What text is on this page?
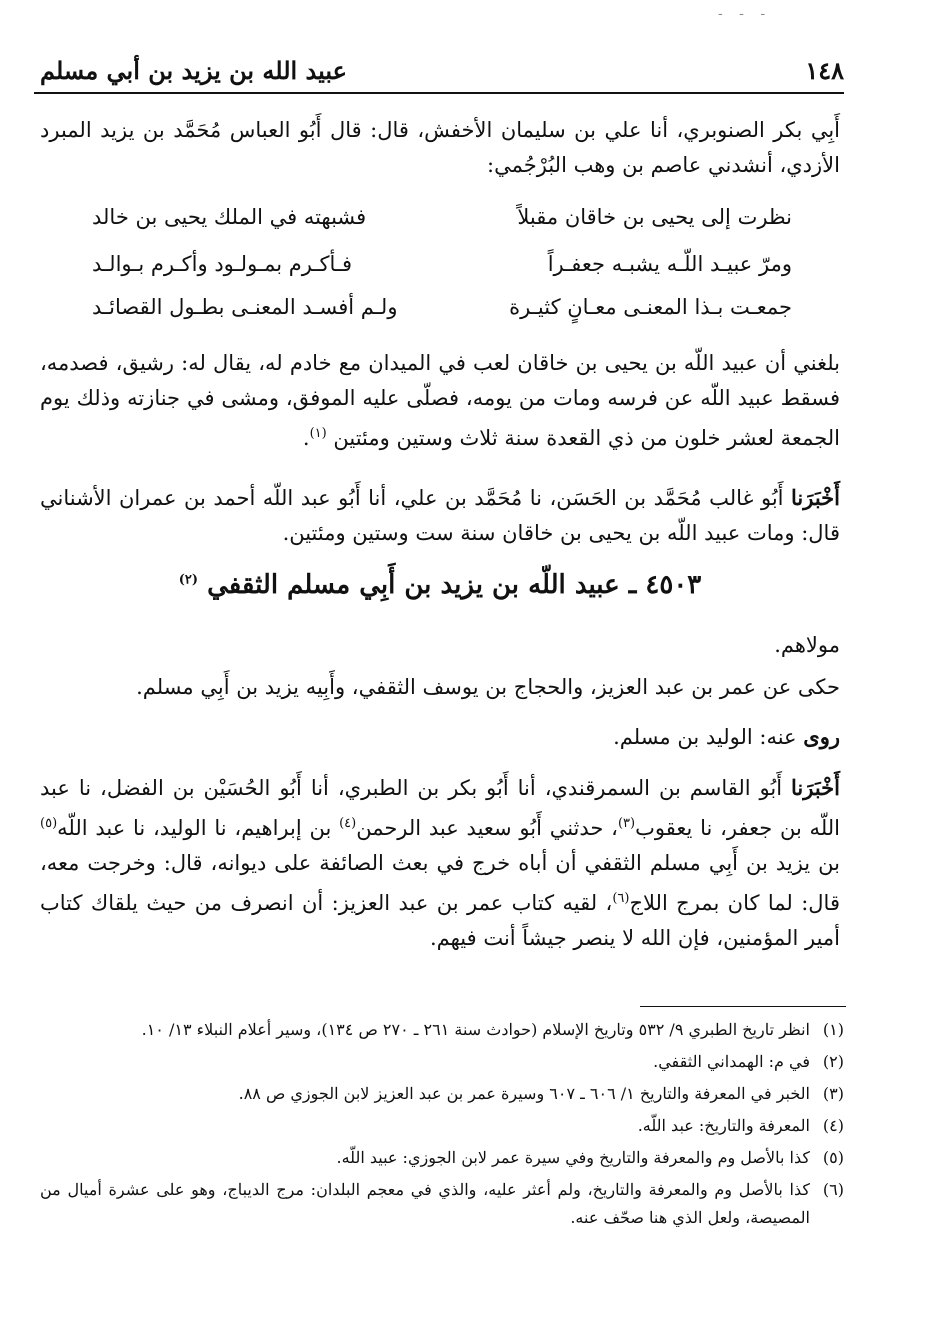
- - -
١٤٨
عبيد الله بن يزيد بن أبي مسلم

أَبِي بكر الصنوبري، أنا علي بن سليمان الأخفش، قال: قال أَبُو العباس مُحَمَّد بن يزيد المبرد الأزدي، أنشدني عاصم بن وهب البُرْجُمي:

نظرت إلى يحيى بن خاقان مقبلاً
فشبهته في الملك يحيى بن خالد
ومرّ عبيـد اللّـه يشبـه جعفـراً
فـأكـرم بمـولـود وأكـرم بـوالـد
جمعـت بـذا المعنـى معـانٍ كثيـرة
ولـم أفسـد المعنـى بطـول القصائـد

بلغني أن عبيد اللّه بن يحيى بن خاقان لعب في الميدان مع خادم له، يقال له: رشيق، فصدمه، فسقط عبيد اللّه عن فرسه ومات من يومه، فصلّى عليه الموفق، ومشى في جنازته وذلك يوم الجمعة لعشر خلون من ذي القعدة سنة ثلاث وستين ومئتين $^{(١)}$.

أَخْبَرَنا أَبُو غالب مُحَمَّد بن الحَسَن، نا مُحَمَّد بن علي، أنا أَبُو عبد اللّه أحمد بن عمران الأشناني قال: ومات عبيد اللّه بن يحيى بن خاقان سنة ست وستين ومئتين.

٤٥٠٣ ـ عبيد اللّه بن يزيد بن أَبِي مسلم الثقفي $^{(٢)}$

مولاهم.

حكى عن عمر بن عبد العزيز، والحجاج بن يوسف الثقفي، وأَبِيه يزيد بن أَبِي مسلم.

روى عنه: الوليد بن مسلم.

أَخْبَرَنا أَبُو القاسم بن السمرقندي، أنا أَبُو بكر بن الطبري، أنا أَبُو الحُسَيْن بن الفضل، نا عبد اللّه بن جعفر، نا يعقوب$^{(٣)}$، حدثني أَبُو سعيد عبد الرحمن$^{(٤)}$ بن إبراهيم، نا الوليد، نا عبد اللّه$^{(٥)}$ بن يزيد بن أَبِي مسلم الثقفي أن أباه خرج في بعث الصائفة على ديوانه، قال: وخرجت معه، قال: لما كان بمرج اللاج$^{(٦)}$، لقيه كتاب عمر بن عبد العزيز: أن انصرف من حيث يلقاك كتاب أمير المؤمنين، فإن الله لا ينصر جيشاً أنت فيهم.

(١)
انظر تاريخ الطبري ٩/ ٥٣٢ وتاريخ الإسلام (حوادث سنة ٢٦١ ـ ٢٧٠ ص ١٣٤)، وسير أعلام النبلاء ١٣/ ١٠.
(٢)
في م: الهمداني الثقفي.
(٣)
الخبر في المعرفة والتاريخ ١/ ٦٠٦ ـ ٦٠٧ وسيرة عمر بن عبد العزيز لابن الجوزي ص ٨٨.
(٤)
المعرفة والتاريخ: عبد اللّه.
(٥)
كذا بالأصل وم والمعرفة والتاريخ وفي سيرة عمر لابن الجوزي: عبيد اللّه.
(٦)
كذا بالأصل وم والمعرفة والتاريخ، ولم أعثر عليه، والذي في معجم البلدان: مرج الديباج، وهو على عشرة أميال من المصيصة، ولعل الذي هنا صحّف عنه.
